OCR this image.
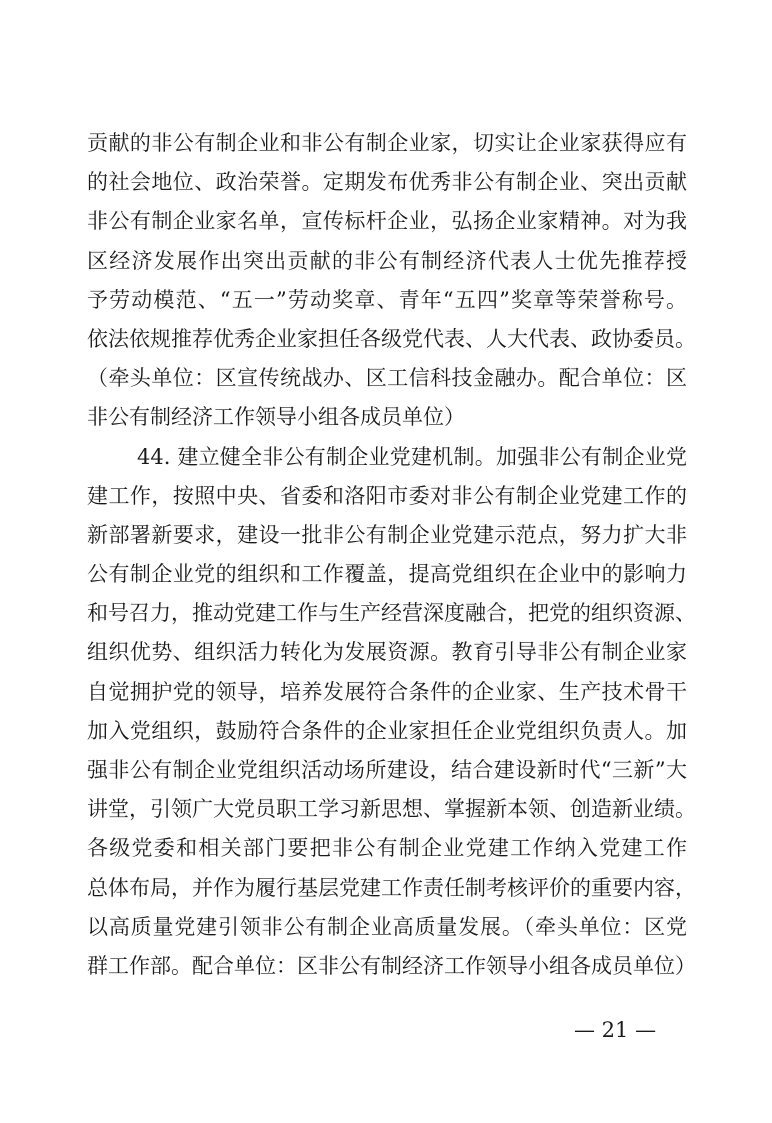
贡献的非公有制企业和非公有制企业家，切实让企业家获得应有
的社会地位、政治荣誉。定期发布优秀非公有制企业、突出贡献
非公有制企业家名单，宣传标杆企业，弘扬企业家精神。对为我
区经济发展作出突出贡献的非公有制经济代表人士优先推荐授
予劳动模范、“五一”劳动奖章、青年“五四”奖章等荣誉称号。
依法依规推荐优秀企业家担任各级党代表、人大代表、政协委员。
（牵头单位：区宣传统战办、区工信科技金融办。配合单位：区
非公有制经济工作领导小组各成员单位）
44. 建立健全非公有制企业党建机制。加强非公有制企业党
建工作，按照中央、省委和洛阳市委对非公有制企业党建工作的
新部署新要求，建设一批非公有制企业党建示范点，努力扩大非
公有制企业党的组织和工作覆盖，提高党组织在企业中的影响力
和号召力，推动党建工作与生产经营深度融合，把党的组织资源、
组织优势、组织活力转化为发展资源。教育引导非公有制企业家
自觉拥护党的领导，培养发展符合条件的企业家、生产技术骨干
加入党组织，鼓励符合条件的企业家担任企业党组织负责人。加
强非公有制企业党组织活动场所建设，结合建设新时代“三新”大
讲堂，引领广大党员职工学习新思想、掌握新本领、创造新业绩。
各级党委和相关部门要把非公有制企业党建工作纳入党建工作
总体布局，并作为履行基层党建工作责任制考核评价的重要内容，
以高质量党建引领非公有制企业高质量发展。（牵头单位：区党
群工作部。配合单位：区非公有制经济工作领导小组各成员单位）
— 21 —
